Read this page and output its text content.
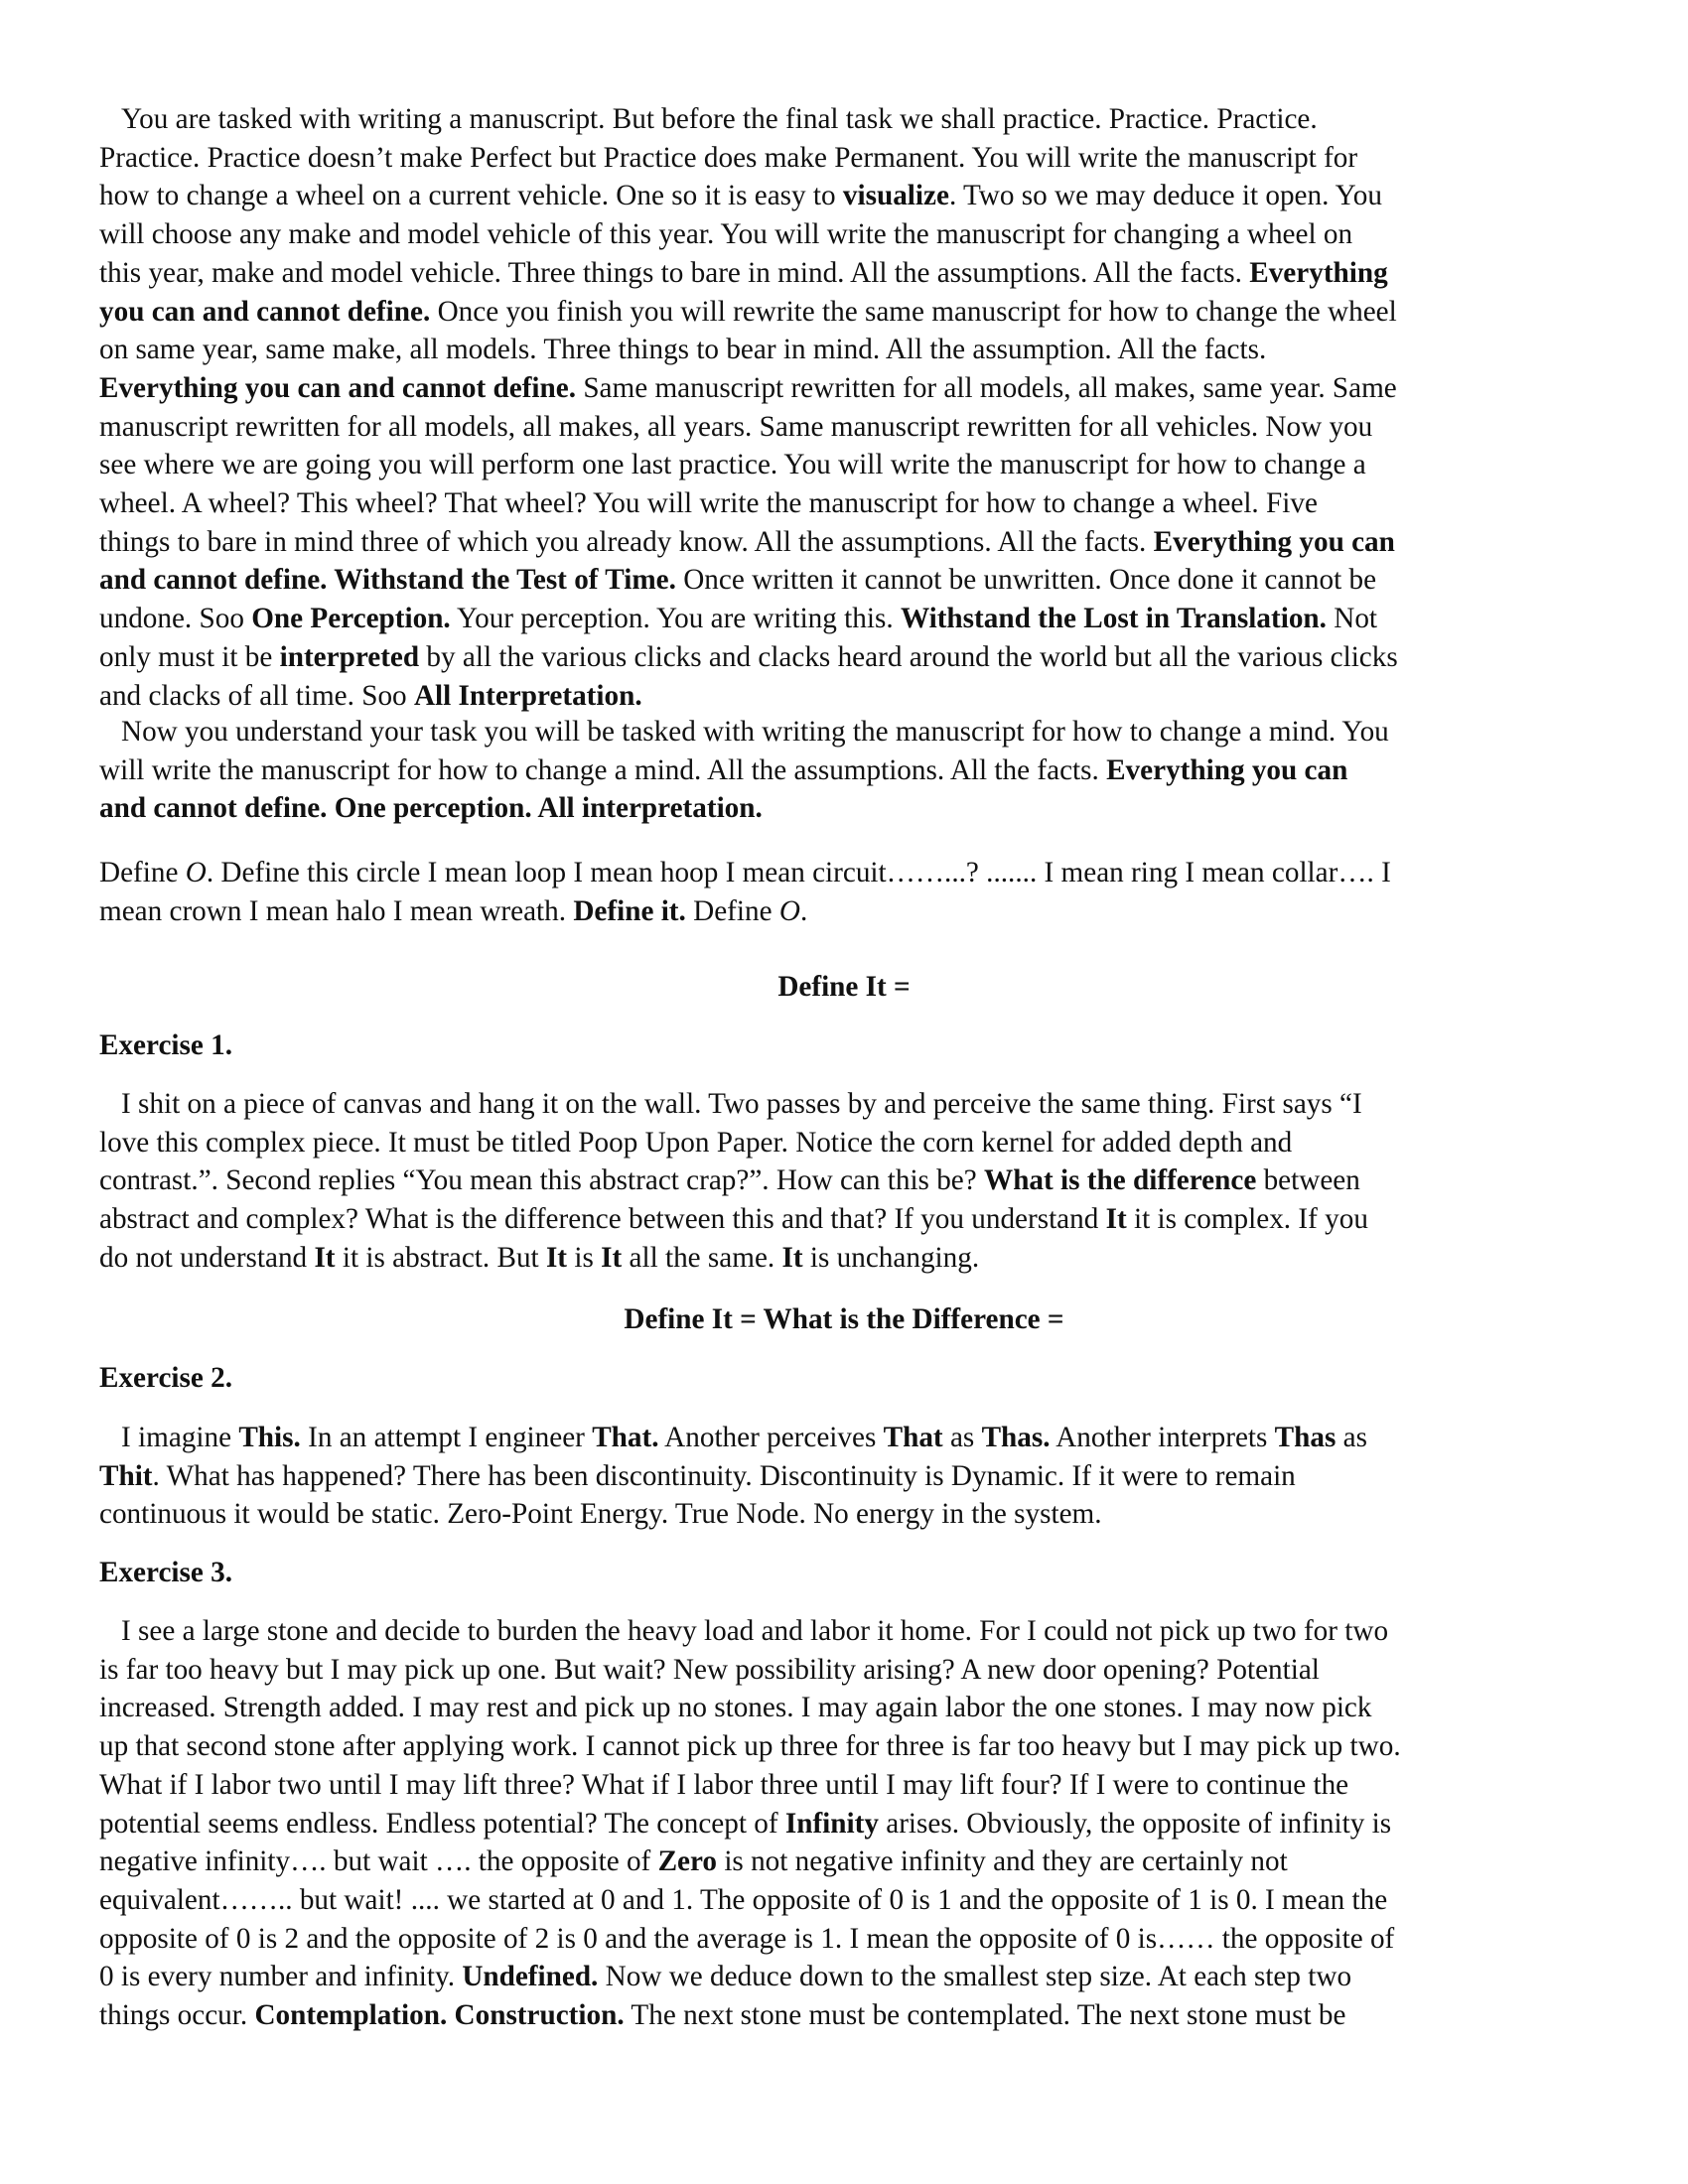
You are tasked with writing a manuscript. But before the final task we shall practice. Practice. Practice.
Practice. Practice doesn’t make Perfect but Practice does make Permanent. You will write the manuscript for
how to change a wheel on a current vehicle. One so it is easy to visualize. Two so we may deduce it open. You
will choose any make and model vehicle of this year. You will write the manuscript for changing a wheel on
this year, make and model vehicle. Three things to bare in mind. All the assumptions. All the facts. Everything
you can and cannot define. Once you finish you will rewrite the same manuscript for how to change the wheel
on same year, same make, all models. Three things to bear in mind. All the assumption. All the facts.
Everything you can and cannot define. Same manuscript rewritten for all models, all makes, same year. Same
manuscript rewritten for all models, all makes, all years. Same manuscript rewritten for all vehicles. Now you
see where we are going you will perform one last practice. You will write the manuscript for how to change a
wheel. A wheel? This wheel? That wheel? You will write the manuscript for how to change a wheel. Five
things to bare in mind three of which you already know. All the assumptions. All the facts. Everything you can
and cannot define. Withstand the Test of Time. Once written it cannot be unwritten. Once done it cannot be
undone. Soo One Perception. Your perception. You are writing this. Withstand the Lost in Translation. Not
only must it be interpreted by all the various clicks and clacks heard around the world but all the various clicks
and clacks of all time. Soo All Interpretation.
Now you understand your task you will be tasked with writing the manuscript for how to change a mind. You
will write the manuscript for how to change a mind. All the assumptions. All the facts. Everything you can
and cannot define. One perception. All interpretation.
Define O. Define this circle I mean loop I mean hoop I mean circuit……...? ....... I mean ring I mean collar…. I
mean crown I mean halo I mean wreath. Define it. Define O.
Define It =
Exercise 1.
I shit on a piece of canvas and hang it on the wall. Two passes by and perceive the same thing. First says “I
love this complex piece. It must be titled Poop Upon Paper. Notice the corn kernel for added depth and
contrast.”. Second replies “You mean this abstract crap?”. How can this be? What is the difference between
abstract and complex? What is the difference between this and that? If you understand It it is complex. If you
do not understand It it is abstract. But It is It all the same. It is unchanging.
Define It = What is the Difference =
Exercise 2.
I imagine This. In an attempt I engineer That. Another perceives That as Thas. Another interprets Thas as
Thit. What has happened? There has been discontinuity. Discontinuity is Dynamic. If it were to remain
continuous it would be static. Zero-Point Energy. True Node. No energy in the system.
Exercise 3.
I see a large stone and decide to burden the heavy load and labor it home. For I could not pick up two for two
is far too heavy but I may pick up one. But wait? New possibility arising? A new door opening? Potential
increased. Strength added. I may rest and pick up no stones. I may again labor the one stones. I may now pick
up that second stone after applying work. I cannot pick up three for three is far too heavy but I may pick up two.
What if I labor two until I may lift three? What if I labor three until I may lift four? If I were to continue the
potential seems endless. Endless potential? The concept of Infinity arises. Obviously, the opposite of infinity is
negative infinity…. but wait …. the opposite of Zero is not negative infinity and they are certainly not
equivalent…….. but wait! .... we started at 0 and 1. The opposite of 0 is 1 and the opposite of 1 is 0. I mean the
opposite of 0 is 2 and the opposite of 2 is 0 and the average is 1. I mean the opposite of 0 is…… the opposite of
0 is every number and infinity. Undefined. Now we deduce down to the smallest step size. At each step two
things occur. Contemplation. Construction. The next stone must be contemplated. The next stone must be
